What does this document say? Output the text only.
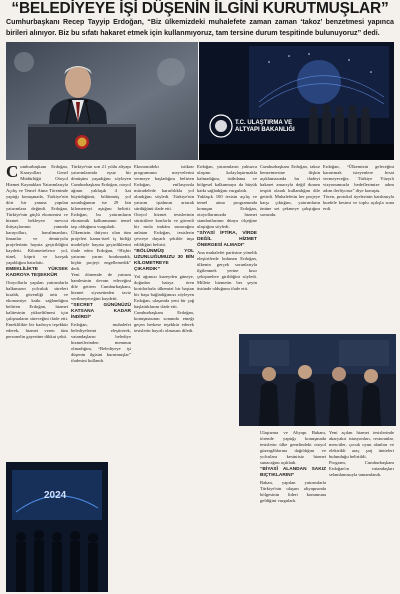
“BELEDİYEYE İŞİ DÜŞENİN İLGİNİ KURUTMUŞLAR”
Cumhurbaşkanı Recep Tayyip Erdoğan, “Biz ülkemizdeki muhalefete zaman zaman ‘takoz’ benzetmesi yapınca birileri alınıyor. Biz bu sıfatı hakaret etmek için kullanmıyoruz, tam tersine durum tespitinde bulunuyoruz” dedi.
T.C. ULAŞTIRMA VE
ALTYAPI BAKANLIĞI
2024
C umhurbaşkanı Erdoğan, Karayolları Genel Müdürlüğü Otoyol Hizmet Kaynakları Yatırımlarıyla Açılış ve Temel Atma Töreninde yaptığı konuşmada, Türkiye'nin dört bir yanına yapılan yatırımlara değindi. Erdoğan, Türkiye'nin güçlü ekonomisi ve hizmet bekleyen mevcut ihtiyaçlarının yanında karayolları, havalimanları, limanlar ve demiryolu projelerinin hayata geçirildiğini kaydetti. Kilometrelerce yol, tünel, köprü ve kavşak yapıldığını hatırlattı.

EMEKLİLİKTE YÜKSEK KADROYA TEŞEKKÜR

Otoyollarla yapılan yatırımlarla halkımızın yolculuk süreleri kısaldı, güvenliği arttı ve ekonomiye katkı sağlandığını belirten Erdoğan, hizmet kalitesinin yükseltilmesi için çalışmaların süreceğini ifade etti. Emeklilikte bir kadroya teşekkür ederek, hizmet veren tüm personelin gayretine dikkat çekti.

Türkiye'nin son 21 yılda altyapı yatırımlarında eşsiz bir dönüşüm yaşadığını söyleyen Cumhurbaşkanı Erdoğan, otoyol ağının yaklaşık 4 kat büyüdüğünü, bölünmüş yol uzunluğunun ise 29 bin kilometreyi aştığını belirtti. Erdoğan, bu yatırımların ekonomik kalkınmanın temel taşı olduğunu vurguladı.

Ülkemizin ihtiyacı olan tüm projeleri kamu-özel iş birliği modeliyle hayata geçirdiklerini ifade eden Erdoğan, “Hiçbir yatırımı yarım bırakmadık, hiçbir projeyi engellemedik” dedi.

Yeni dönemde de yatırım hamlesinin devam edeceğini dile getiren Cumhurbaşkanı, hizmet siyasetinden taviz verilmeyeceğini kaydetti.

“SECRET GÜNÜNÜZÜ KATSANA KADAR İNDİRDİ”

Erdoğan, muhalefet belediyelerini eleştirerek, vatandaşların belediye hizmetlerinden memnun olmadığını, “Belediyeye işi düşenin ilgisini kurutmuşlar” ifadesini kullandı.

Ekonomideki istikrar programının meyvelerini vermeye başladığını belirten Erdoğan, enflasyonla mücadelede kararlılıkla yol alındığını söyledi. Türkiye'nin yatırım iştahının artarak sürdüğünü ifade etti.

Otoyol hizmet tesislerinin sürücülere konforlu ve güvenli bir mola imkânı sunacağını anlatan Erdoğan, tesislerin çevreye duyarlı şekilde inşa edildiğini belirtti.

“BÖLÜNMÜŞ YOL UZUNLUĞUMUZU 30 BİN KİLOMETREYE ÇIKARDIK”

Yol ağımızı kuzeyden güneye, doğudan batıya ören koridorlarla ülkemizi bir baştan bir başa bağladığımızı söyleyen Erdoğan, ulaşımda yeni bir çağ başlattıklarını ifade etti.

Cumhurbaşkanı Erdoğan, konuşmasının sonunda emeği geçen herkese teşekkür ederek tesislerin hayırlı olmasını diledi.

Erdoğan, yatırımların yalnızca ulaşımı kolaylaştırmakla kalmadığını, istihdama ve bölgesel kalkınmaya da büyük katkı sağladığını vurguladı.

Yaklaşık 100 tesisin açılış ve temel atma programında konuşan Erdoğan, otoyollarımızda hizmet standartlarının dünya ölçeğine ulaştığını söyledi.

“SİYASİ İFTİRA, VİRDE DEĞİL HİZMET ÖNERGESİ ALMADI”

Ana muhalefet partisine yönelik eleştirilerde bulunan Erdoğan, ülkenin gerçek sorunlarıyla ilgilenmek yerine kısır çekişmelere girildiğini söyledi. Millete hizmetin her şeyin üstünde olduğunu ifade etti.

Cumhurbaşkanı Erdoğan, takoz benzetmesine ilişkin açıklamasında bu ifadeyi hakaret amacıyla değil durum tespiti olarak kullandığını dile getirdi. Muhalefetin her projeye karşı çıktığını, yatırımların önüne set çekmeye çalıştığını savundu.

Erdoğan, “Ülkemizin geleceğini karartmak isteyenlere fırsat vermeyeceğiz. Türkiye Yüzyılı vizyonumuzla hedeflerimize adım adım ilerliyoruz” diye konuştu.

Tören, protokol üyelerinin katılımıyla kurdele kesimi ve toplu açılışla sona erdi.

Ulaştırma ve Altyapı Bakanı, törende yaptığı konuşmada tesislerin ülke genelindeki otoyol güzergâhlarına dağıldığını ve yolculara kesintisiz hizmet sunacağını açıkladı.

“BİYASÎ ALANDAN SAKIZ BIÇTIKLARINI”

Bakan, yapılan yatırımlarla Türkiye'nin ulaşım altyapısında bölgesinin lideri konumuna geldiğini vurguladı.

Yeni açılan hizmet tesislerinde akaryakıt istasyonları, restoranlar, mescitler, çocuk oyun alanları ve elektrikli araç şarj üniteleri bulunduğu belirtildi.

Program, Cumhurbaşkanı Erdoğan'ın vatandaşları selamlamasıyla tamamlandı.
